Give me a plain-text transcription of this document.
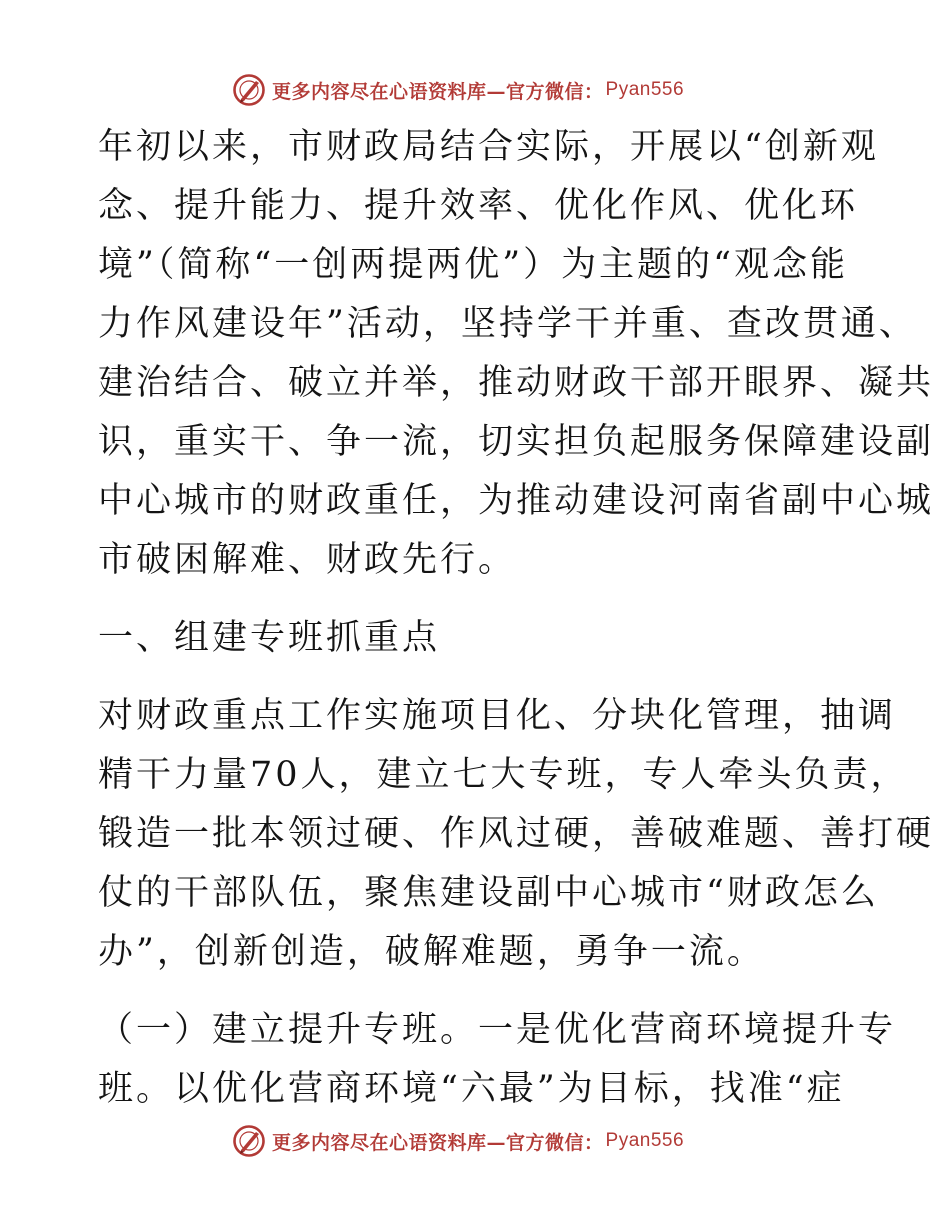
更多内容尽在心语资料库—官方微信： Pyan556

年初以来，市财政局结合实际，开展以“创新观
念、提升能力、提升效率、优化作风、优化环
境”（简称“一创两提两优”）为主题的“观念能
力作风建设年”活动，坚持学干并重、查改贯通、
建治结合、破立并举，推动财政干部开眼界、凝共
识，重实干、争一流，切实担负起服务保障建设副
中心城市的财政重任，为推动建设河南省副中心城
市破困解难、财政先行。

一、组建专班抓重点

对财政重点工作实施项目化、分块化管理，抽调
精干力量70人，建立七大专班，专人牵头负责，
锻造一批本领过硬、作风过硬，善破难题、善打硬
仗的干部队伍，聚焦建设副中心城市“财政怎么
办”，创新创造，破解难题，勇争一流。

（一）建立提升专班。一是优化营商环境提升专
班。以优化营商环境“六最”为目标，找准“症

更多内容尽在心语资料库—官方微信： Pyan556
